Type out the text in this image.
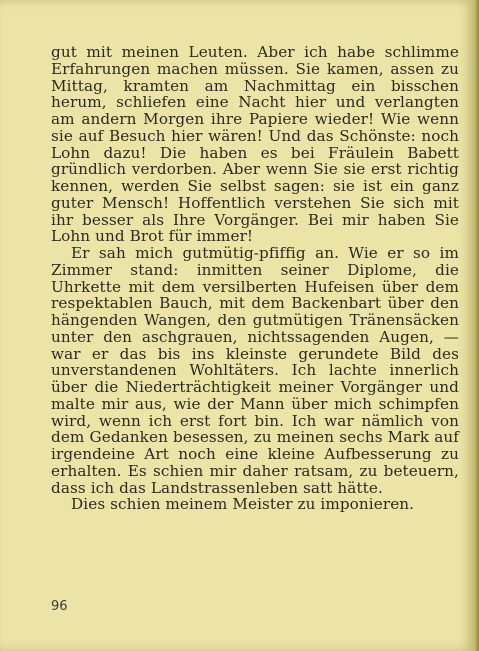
gut mit meinen Leuten. Aber ich habe schlimme Erfahrungen machen müssen. Sie kamen, assen zu Mittag, kramten am Nachmittag ein bisschen herum, schliefen eine Nacht hier und verlangten am andern Morgen ihre Papiere wieder! Wie wenn sie auf Besuch hier wären! Und das Schönste: noch Lohn dazu! Die haben es bei Fräulein Babett gründlich verdorben. Aber wenn Sie sie erst richtig kennen, werden Sie selbst sagen: sie ist ein ganz guter Mensch! Hoffentlich verstehen Sie sich mit ihr besser als Ihre Vorgänger. Bei mir haben Sie Lohn und Brot für immer!

Er sah mich gutmütig-pfiffig an. Wie er so im Zimmer stand: inmitten seiner Diplome, die Uhrkette mit dem versilberten Hufeisen über dem respektablen Bauch, mit dem Backenbart über den hängenden Wangen, den gutmütigen Tränensäcken unter den aschgrauen, nichtssagenden Augen, — war er das bis ins kleinste gerundete Bild des unverstandenen Wohltäters. Ich lachte innerlich über die Niederträchtigkeit meiner Vorgänger und malte mir aus, wie der Mann über mich schimpfen wird, wenn ich erst fort bin. Ich war nämlich von dem Gedanken besessen, zu meinen sechs Mark auf irgendeine Art noch eine kleine Aufbesserung zu erhalten. Es schien mir daher ratsam, zu beteuern, dass ich das Landstrassenleben satt hätte.

Dies schien meinem Meister zu imponieren.

96
